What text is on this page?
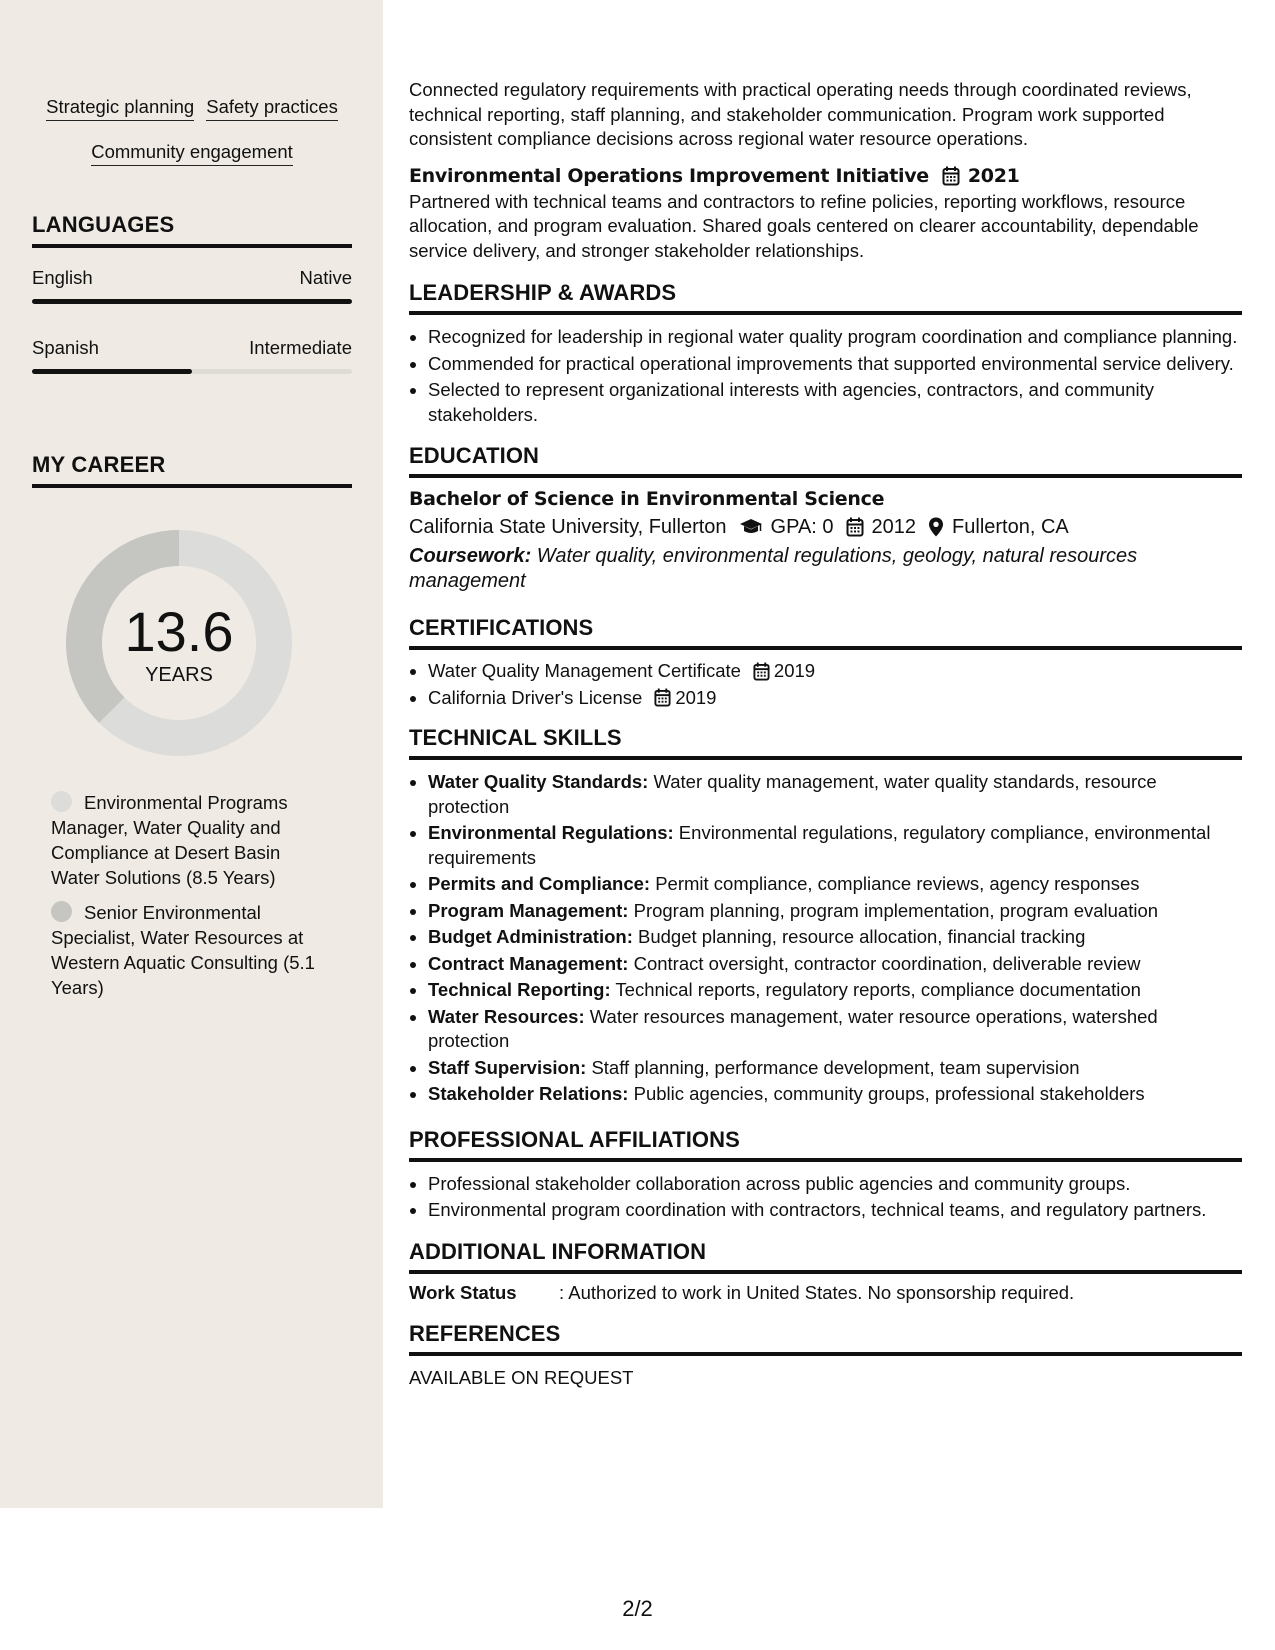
Strategic planning Safety practices
Community engagement
LANGUAGES
English	Native
Spanish	Intermediate
MY CAREER
13.6
YEARS
Environmental Programs Manager, Water Quality and Compliance at Desert Basin Water Solutions (8.5 Years)
Senior Environmental Specialist, Water Resources at Western Aquatic Consulting (5.1 Years)

Connected regulatory requirements with practical operating needs through coordinated reviews, technical reporting, staff planning, and stakeholder communication. Program work supported consistent compliance decisions across regional water resource operations.

Environmental Operations Improvement Initiative 2021

Partnered with technical teams and contractors to refine policies, reporting workflows, resource allocation, and program evaluation. Shared goals centered on clearer accountability, dependable service delivery, and stronger stakeholder relationships.

LEADERSHIP & AWARDS
• Recognized for leadership in regional water quality program coordination and compliance planning.
• Commended for practical operational improvements that supported environmental service delivery.
• Selected to represent organizational interests with agencies, contractors, and community stakeholders.
EDUCATION
Bachelor of Science in Environmental Science
California State University, Fullerton GPA: 0 2012 Fullerton, CA
Coursework: Water quality, environmental regulations, geology, natural resources management
CERTIFICATIONS
• Water Quality Management Certificate 2019
• California Driver's License 2019
TECHNICAL SKILLS
• Water Quality Standards: Water quality management, water quality standards, resource protection
• Environmental Regulations: Environmental regulations, regulatory compliance, environmental requirements
• Permits and Compliance: Permit compliance, compliance reviews, agency responses
• Program Management: Program planning, program implementation, program evaluation
• Budget Administration: Budget planning, resource allocation, financial tracking
• Contract Management: Contract oversight, contractor coordination, deliverable review
• Technical Reporting: Technical reports, regulatory reports, compliance documentation
• Water Resources: Water resources management, water resource operations, watershed protection
• Staff Supervision: Staff planning, performance development, team supervision
• Stakeholder Relations: Public agencies, community groups, professional stakeholders
PROFESSIONAL AFFILIATIONS
• Professional stakeholder collaboration across public agencies and community groups.
• Environmental program coordination with contractors, technical teams, and regulatory partners.
ADDITIONAL INFORMATION
Work Status	: Authorized to work in United States. No sponsorship required.
REFERENCES
AVAILABLE ON REQUEST
2/2
